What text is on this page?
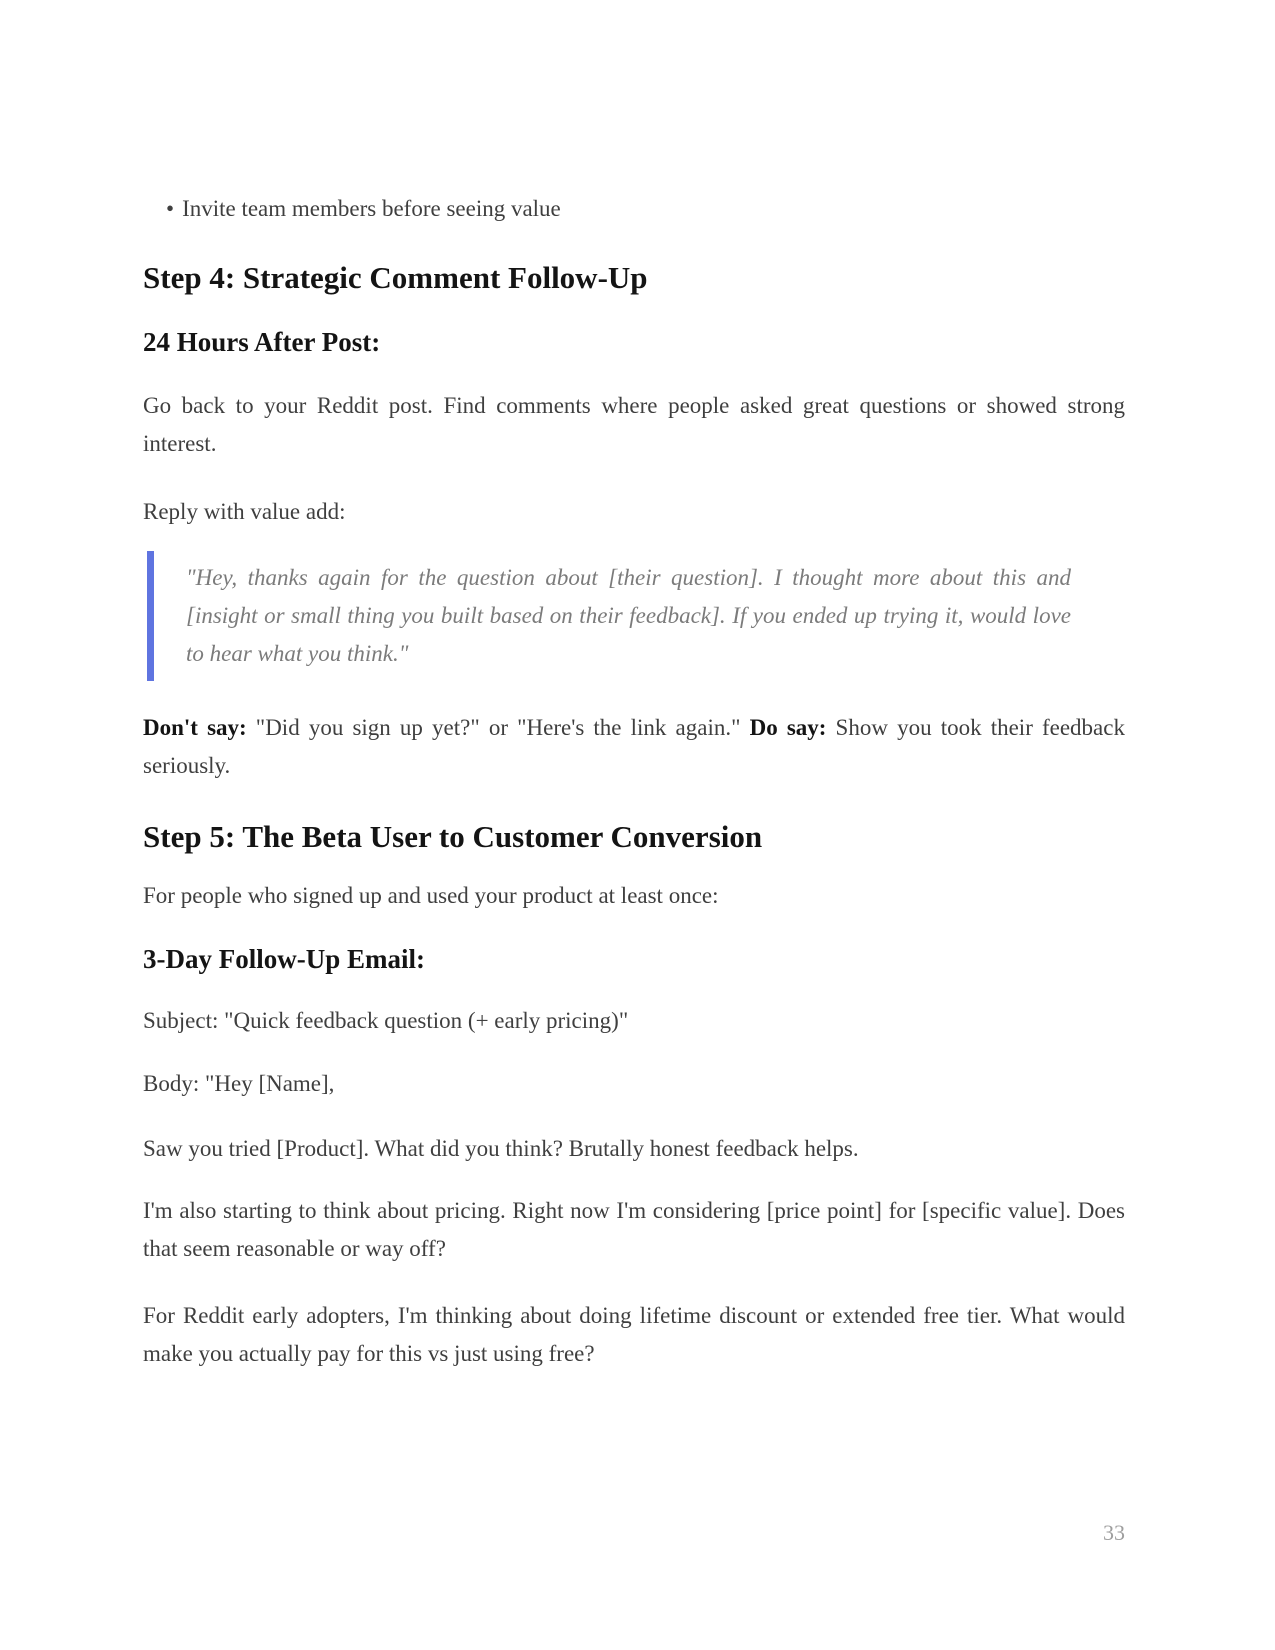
• Invite team members before seeing value
Step 4: Strategic Comment Follow-Up
24 Hours After Post:

Go back to your Reddit post. Find comments where people asked great questions or showed strong interest.

Reply with value add:

"Hey, thanks again for the question about [their question]. I thought more about this and [insight or small thing you built based on their feedback]. If you ended up trying it, would love to hear what you think."

Don't say: "Did you sign up yet?" or "Here's the link again." Do say: Show you took their feedback seriously.

Step 5: The Beta User to Customer Conversion

For people who signed up and used your product at least once:

3-Day Follow-Up Email:

Subject: "Quick feedback question (+ early pricing)"

Body: "Hey [Name],

Saw you tried [Product]. What did you think? Brutally honest feedback helps.

I'm also starting to think about pricing. Right now I'm considering [price point] for [specific value]. Does that seem reasonable or way off?

For Reddit early adopters, I'm thinking about doing lifetime discount or extended free tier. What would make you actually pay for this vs just using free?

33
